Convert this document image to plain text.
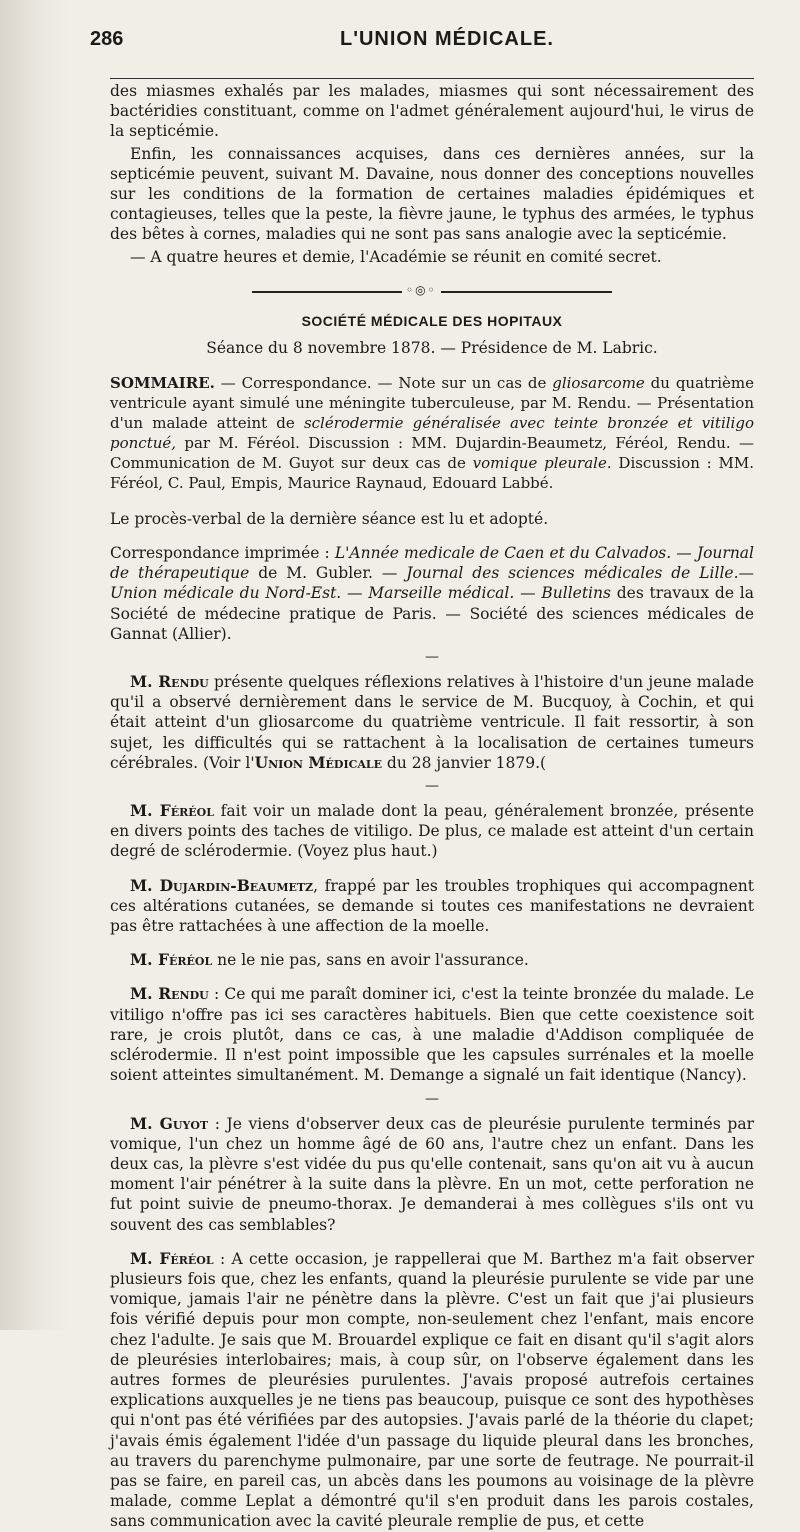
286	L'UNION MÉDICALE.

des miasmes exhalés par les malades, miasmes qui sont nécessairement des bactéridies constituant, comme on l'admet généralement aujourd'hui, le virus de la septicémie.

Enfin, les connaissances acquises, dans ces dernières années, sur la septicémie peuvent, suivant M. Davaine, nous donner des conceptions nouvelles sur les conditions de la formation de certaines maladies épidémiques et contagieuses, telles que la peste, la fièvre jaune, le typhus des armées, le typhus des bêtes à cornes, maladies qui ne sont pas sans analogie avec la septicémie.

— A quatre heures et demie, l'Académie se réunit en comité secret.

◦◎◦
SOCIÉTÉ MÉDICALE DES HOPITAUX
Séance du 8 novembre 1878. — Présidence de M. Labric.
SOMMAIRE. — Correspondance. — Note sur un cas de gliosarcome du quatrième ventricule ayant simulé une méningite tuberculeuse, par M. Rendu. — Présentation d'un malade atteint de sclérodermie généralisée avec teinte bronzée et vitiligo ponctué, par M. Féréol. Discussion : MM. Dujardin-Beaumetz, Féréol, Rendu. — Communication de M. Guyot sur deux cas de vomique pleurale. Discussion : MM. Féréol, C. Paul, Empis, Maurice Raynaud, Edouard Labbé.

Le procès-verbal de la dernière séance est lu et adopté.

Correspondance imprimée : L'Année medicale de Caen et du Calvados. — Journal de thérapeutique de M. Gubler. — Journal des sciences médicales de Lille.— Union médicale du Nord-Est. — Marseille médical. — Bulletins des travaux de la Société de médecine pratique de Paris. — Société des sciences médicales de Gannat (Allier).

—

M. Rendu présente quelques réflexions relatives à l'histoire d'un jeune malade qu'il a observé dernièrement dans le service de M. Bucquoy, à Cochin, et qui était atteint d'un gliosarcome du quatrième ventricule. Il fait ressortir, à son sujet, les difficultés qui se rattachent à la localisation de certaines tumeurs cérébrales. (Voir l'Union Médicale du 28 janvier 1879.(

—

M. Féréol fait voir un malade dont la peau, généralement bronzée, présente en divers points des taches de vitiligo. De plus, ce malade est atteint d'un certain degré de sclérodermie. (Voyez plus haut.)

M. Dujardin-Beaumetz, frappé par les troubles trophiques qui accompagnent ces altérations cutanées, se demande si toutes ces manifestations ne devraient pas être rattachées à une affection de la moelle.

M. Féréol ne le nie pas, sans en avoir l'assurance.

M. Rendu : Ce qui me paraît dominer ici, c'est la teinte bronzée du malade. Le vitiligo n'offre pas ici ses caractères habituels. Bien que cette coexistence soit rare, je crois plutôt, dans ce cas, à une maladie d'Addison compliquée de sclérodermie. Il n'est point impossible que les capsules surrénales et la moelle soient atteintes simultanément. M. Demange a signalé un fait identique (Nancy).

—

M. Guyot : Je viens d'observer deux cas de pleurésie purulente terminés par vomique, l'un chez un homme âgé de 60 ans, l'autre chez un enfant. Dans les deux cas, la plèvre s'est vidée du pus qu'elle contenait, sans qu'on ait vu à aucun moment l'air pénétrer à la suite dans la plèvre. En un mot, cette perforation ne fut point suivie de pneumo-thorax. Je demanderai à mes collègues s'ils ont vu souvent des cas semblables?

M. Féréol : A cette occasion, je rappellerai que M. Barthez m'a fait observer plusieurs fois que, chez les enfants, quand la pleurésie purulente se vide par une vomique, jamais l'air ne pénètre dans la plèvre. C'est un fait que j'ai plusieurs fois vérifié depuis pour mon compte, non-seulement chez l'enfant, mais encore chez l'adulte. Je sais que M. Brouardel explique ce fait en disant qu'il s'agit alors de pleurésies interlobaires; mais, à coup sûr, on l'observe également dans les autres formes de pleurésies purulentes. J'avais proposé autrefois certaines explications auxquelles je ne tiens pas beaucoup, puisque ce sont des hypothèses qui n'ont pas été vérifiées par des autopsies. J'avais parlé de la théorie du clapet; j'avais émis également l'idée d'un passage du liquide pleural dans les bronches, au travers du parenchyme pulmonaire, par une sorte de feutrage. Ne pourrait-il pas se faire, en pareil cas, un abcès dans les poumons au voisinage de la plèvre malade, comme Leplat a démontré qu'il s'en produit dans les parois costales, sans communication avec la cavité pleurale remplie de pus, et cette
